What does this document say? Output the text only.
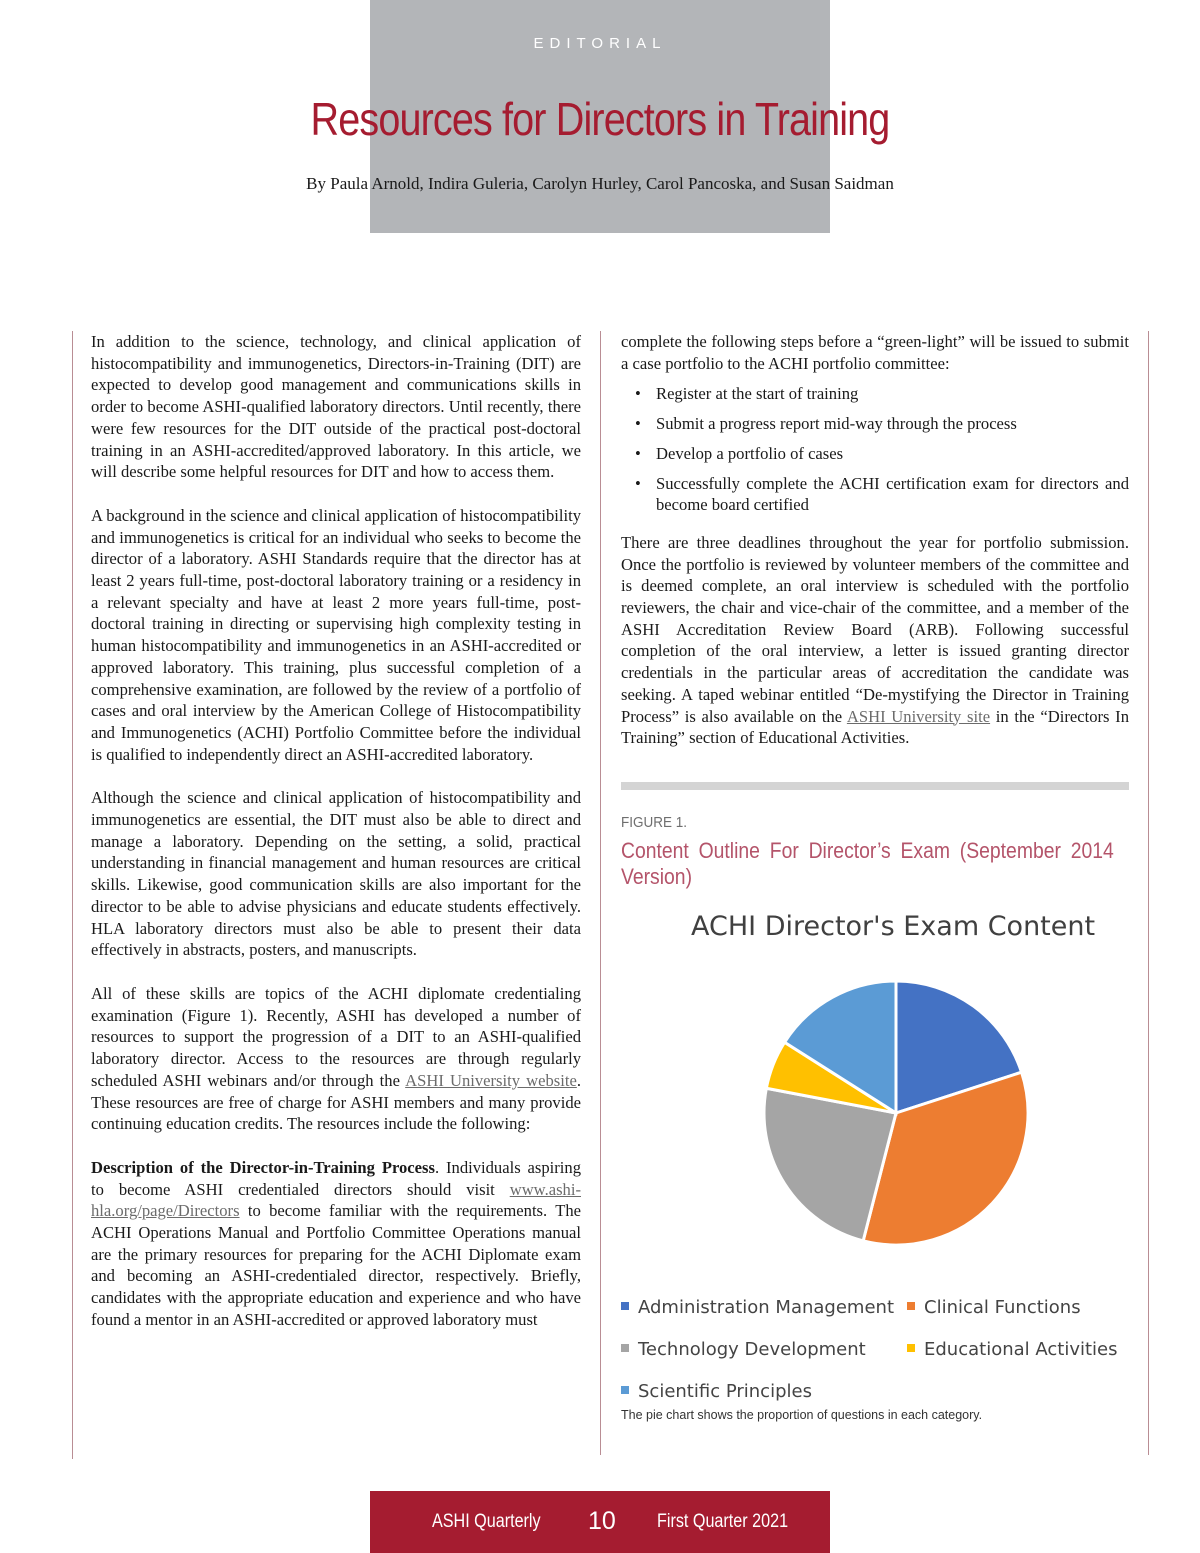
EDITORIAL
Resources for Directors in Training
By Paula Arnold, Indira Guleria, Carolyn Hurley, Carol Pancoska, and Susan Saidman

In addition to the science, technology, and clinical application of histocompatibility and immunogenetics, Directors-in-Training (DIT) are expected to develop good management and communications skills in order to become ASHI-qualified laboratory directors. Until recently, there were few resources for the DIT outside of the practical post-doctoral training in an ASHI-accredited/approved laboratory. In this article, we will describe some helpful resources for DIT and how to access them.

A background in the science and clinical application of histocompatibility and immunogenetics is critical for an individual who seeks to become the director of a laboratory. ASHI Standards require that the director has at least 2 years full-time, post-doctoral laboratory training or a residency in a relevant specialty and have at least 2 more years full-time, post-doctoral training in directing or supervising high complexity testing in human histocompatibility and immunogenetics in an ASHI-accredited or approved laboratory. This training, plus successful completion of a comprehensive examination, are followed by the review of a portfolio of cases and oral interview by the American College of Histocompatibility and Immunogenetics (ACHI) Portfolio Committee before the individual is qualified to independently direct an ASHI-accredited laboratory.

Although the science and clinical application of histocompatibility and immunogenetics are essential, the DIT must also be able to direct and manage a laboratory. Depending on the setting, a solid, practical understanding in financial management and human resources are critical skills. Likewise, good communication skills are also important for the director to be able to advise physicians and educate students effectively. HLA laboratory directors must also be able to present their data effectively in abstracts, posters, and manuscripts.

All of these skills are topics of the ACHI diplomate credentialing examination (Figure 1). Recently, ASHI has developed a number of resources to support the progression of a DIT to an ASHI-qualified laboratory director. Access to the resources are through regularly scheduled ASHI webinars and/or through the ASHI University website. These resources are free of charge for ASHI members and many provide continuing education credits. The resources include the following:

Description of the Director-in-Training Process. Individuals aspiring to become ASHI credentialed directors should visit www.ashi-hla.org/page/Directors to become familiar with the requirements. The ACHI Operations Manual and Portfolio Committee Operations manual are the primary resources for preparing for the ACHI Diplomate exam and becoming an ASHI-credentialed director, respectively. Briefly, candidates with the appropriate education and experience and who have found a mentor in an ASHI-accredited or approved laboratory must

complete the following steps before a “green-light” will be issued to submit a case portfolio to the ACHI portfolio committee:

• Register at the start of training
• Submit a progress report mid-way through the process
• Develop a portfolio of cases
• Successfully complete the ACHI certification exam for directors and become board certified

There are three deadlines throughout the year for portfolio submission. Once the portfolio is reviewed by volunteer members of the committee and is deemed complete, an oral interview is scheduled with the portfolio reviewers, the chair and vice-chair of the committee, and a member of the ASHI Accreditation Review Board (ARB). Following successful completion of the oral interview, a letter is issued granting director credentials in the particular areas of accreditation the candidate was seeking. A taped webinar entitled “De-mystifying the Director in Training Process” is also available on the ASHI University site in the “Directors In Training” section of Educational Activities.

FIGURE 1.
Content Outline For Director’s Exam (September 2014 Version)
ACHI Director's Exam Content
Administration Management	Clinical Functions
Technology Development	Educational Activities
Scientific Principles
The pie chart shows the proportion of questions in each category.
ASHI Quarterly 10 First Quarter 2021
